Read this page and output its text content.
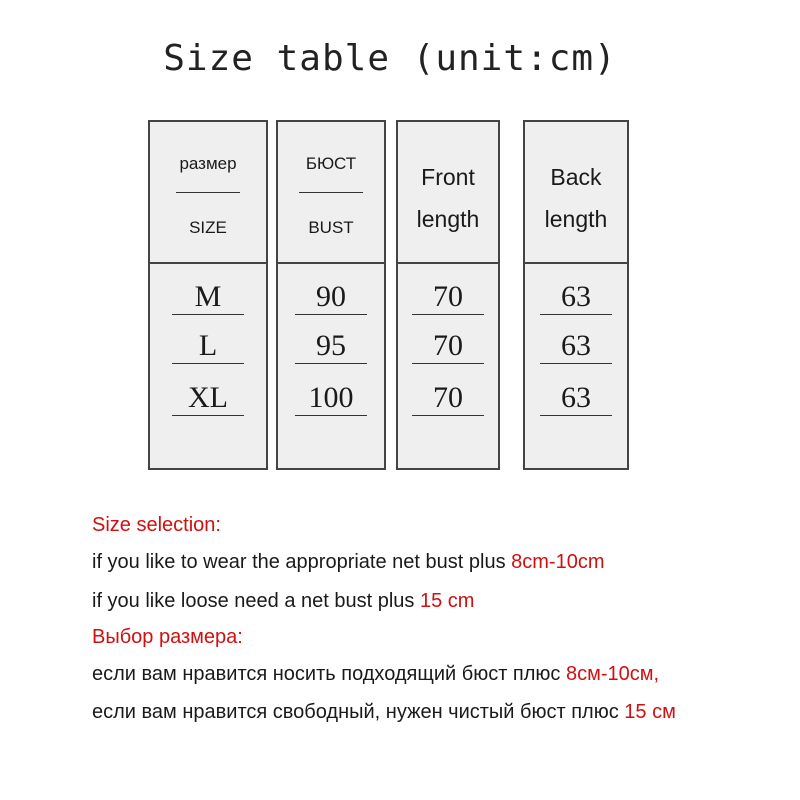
Size table (unit:cm)
размер
SIZE
M
L
XL
БЮСТ
BUST
90
95
100
Front
length
70
70
70
Back
length
63
63
63
Size selection:
if you like to wear the appropriate net bust plus 8cm-10cm
if you like loose need a net bust plus 15 cm
Выбор размера:
если вам нравится носить подходящий бюст плюс 8см-10см,
если вам нравится свободный, нужен чистый бюст плюс 15 см
